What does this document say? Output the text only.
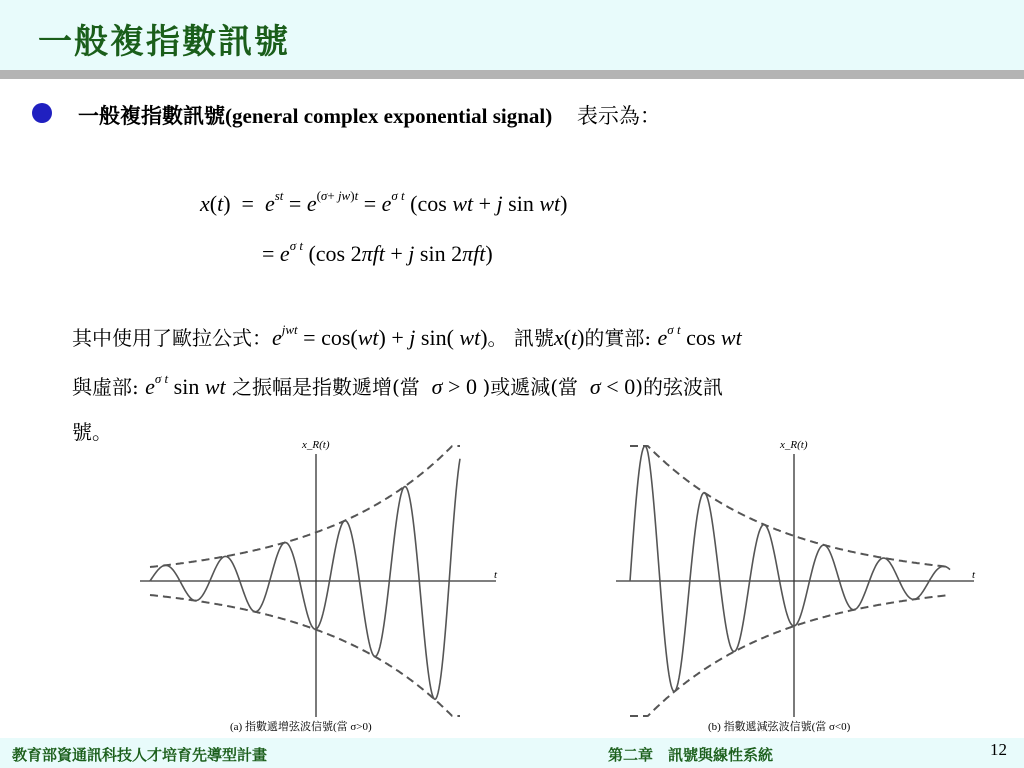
一般複指數訊號
一般複指數訊號(general complex exponential signal) 表示為：
$x(t) = e^{st} = e^{(\sigma+ jw)t} = e^{\sigma t}$ (cos wt + j sin wt)
= $e^{\sigma t}$ (cos 2πft + j sin 2πft)
其中使用了歐拉公式：$e^{jwt} = \cos(wt) + j$ sin( wt)。 訊號x(t)的實部: $e^{\sigma t}$ cos wt
與虛部: $e^{\sigma t}$ sin wt 之振幅是指數遞增(當 σ > 0 )或遞減(當 σ < 0)的弦波訊
號。
x_R(t)
t
(a) 指數遞增弦波信號(當 σ>0)
x_R(t)
t
(b) 指數遞減弦波信號(當 σ<0)
教育部資通訊科技人才培育先導型計畫	第二章　訊號與線性系統	12
